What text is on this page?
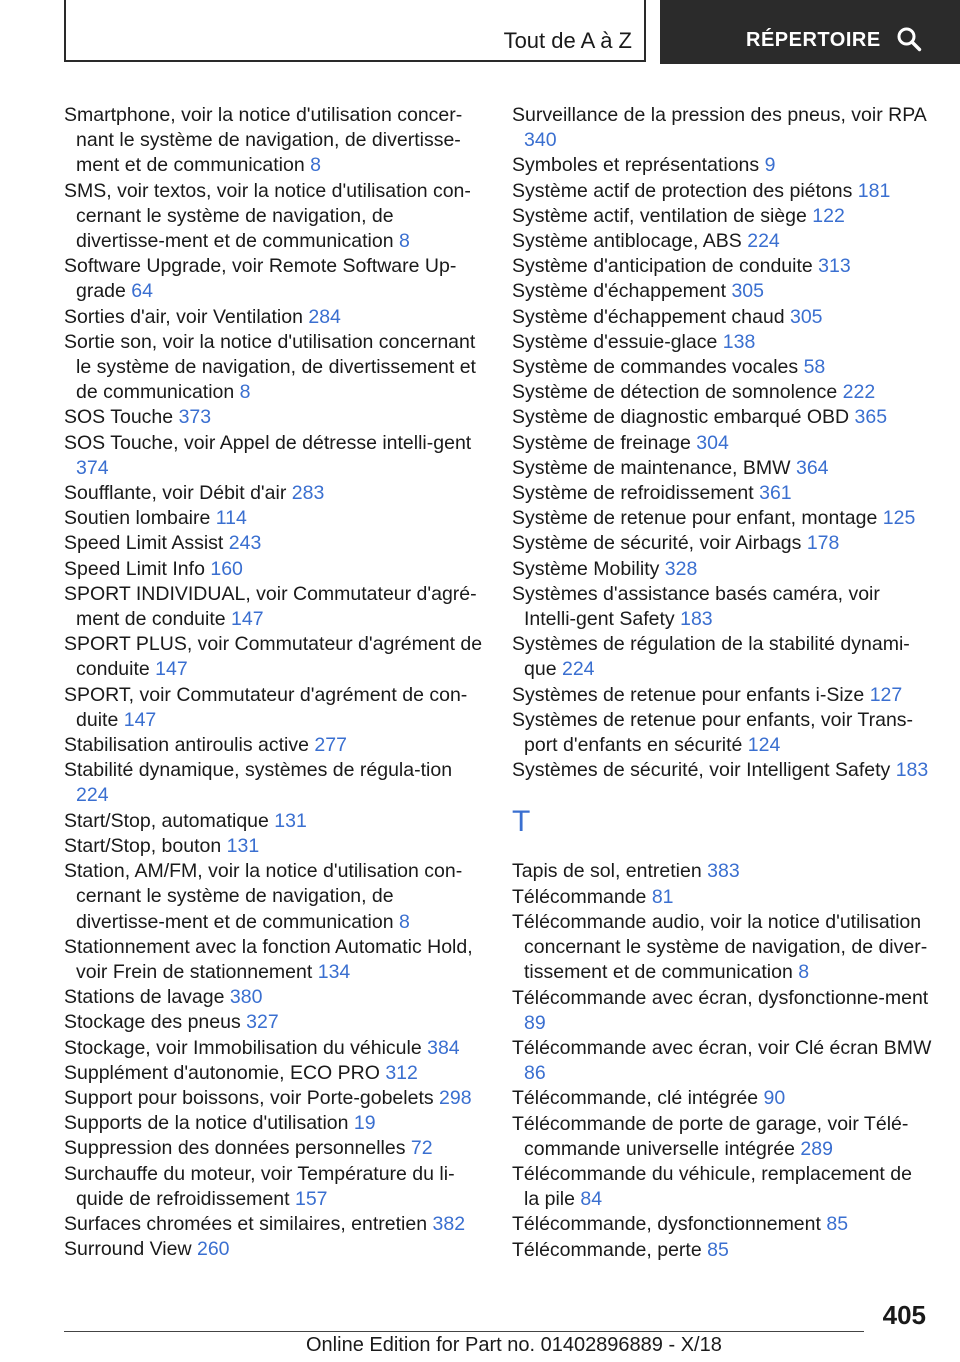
Tout de A à Z	RÉPERTOIRE
Smartphone, voir la notice d'utilisation concer-nant le système de navigation, de divertisse-ment et de communication 8
SMS, voir textos, voir la notice d'utilisation con-cernant le système de navigation, de divertisse-ment et de communication 8
Software Upgrade, voir Remote Software Up-grade 64
Sorties d'air, voir Ventilation 284
Sortie son, voir la notice d'utilisation concernant le système de navigation, de divertissement et de communication 8
SOS Touche 373
SOS Touche, voir Appel de détresse intelli-gent 374
Soufflante, voir Débit d'air 283
Soutien lombaire 114
Speed Limit Assist 243
Speed Limit Info 160
SPORT INDIVIDUAL, voir Commutateur d'agré-ment de conduite 147
SPORT PLUS, voir Commutateur d'agrément de conduite 147
SPORT, voir Commutateur d'agrément de con-duite 147
Stabilisation antiroulis active 277
Stabilité dynamique, systèmes de régula-tion 224
Start/Stop, automatique 131
Start/Stop, bouton 131
Station, AM/FM, voir la notice d'utilisation con-cernant le système de navigation, de divertisse-ment et de communication 8
Stationnement avec la fonction Automatic Hold, voir Frein de stationnement 134
Stations de lavage 380
Stockage des pneus 327
Stockage, voir Immobilisation du véhicule 384
Supplément d'autonomie, ECO PRO 312
Support pour boissons, voir Porte-gobelets 298
Supports de la notice d'utilisation 19
Suppression des données personnelles 72
Surchauffe du moteur, voir Température du li-quide de refroidissement 157
Surfaces chromées et similaires, entretien 382
Surround View 260
Surveillance de la pression des pneus, voir RPA 340
Symboles et représentations 9
Système actif de protection des piétons 181
Système actif, ventilation de siège 122
Système antiblocage, ABS 224
Système d'anticipation de conduite 313
Système d'échappement 305
Système d'échappement chaud 305
Système d'essuie-glace 138
Système de commandes vocales 58
Système de détection de somnolence 222
Système de diagnostic embarqué OBD 365
Système de freinage 304
Système de maintenance, BMW 364
Système de refroidissement 361
Système de retenue pour enfant, montage 125
Système de sécurité, voir Airbags 178
Système Mobility 328
Systèmes d'assistance basés caméra, voir Intelli-gent Safety 183
Systèmes de régulation de la stabilité dynami-que 224
Systèmes de retenue pour enfants i-Size 127
Systèmes de retenue pour enfants, voir Trans-port d'enfants en sécurité 124
Systèmes de sécurité, voir Intelligent Safety 183
T
Tapis de sol, entretien 383
Télécommande 81
Télécommande audio, voir la notice d'utilisation concernant le système de navigation, de diver-tissement et de communication 8
Télécommande avec écran, dysfonctionne-ment 89
Télécommande avec écran, voir Clé écran BMW 86
Télécommande, clé intégrée 90
Télécommande de porte de garage, voir Télé-commande universelle intégrée 289
Télécommande du véhicule, remplacement de la pile 84
Télécommande, dysfonctionnement 85
Télécommande, perte 85
405
Online Edition for Part no. 01402896889 - X/18
